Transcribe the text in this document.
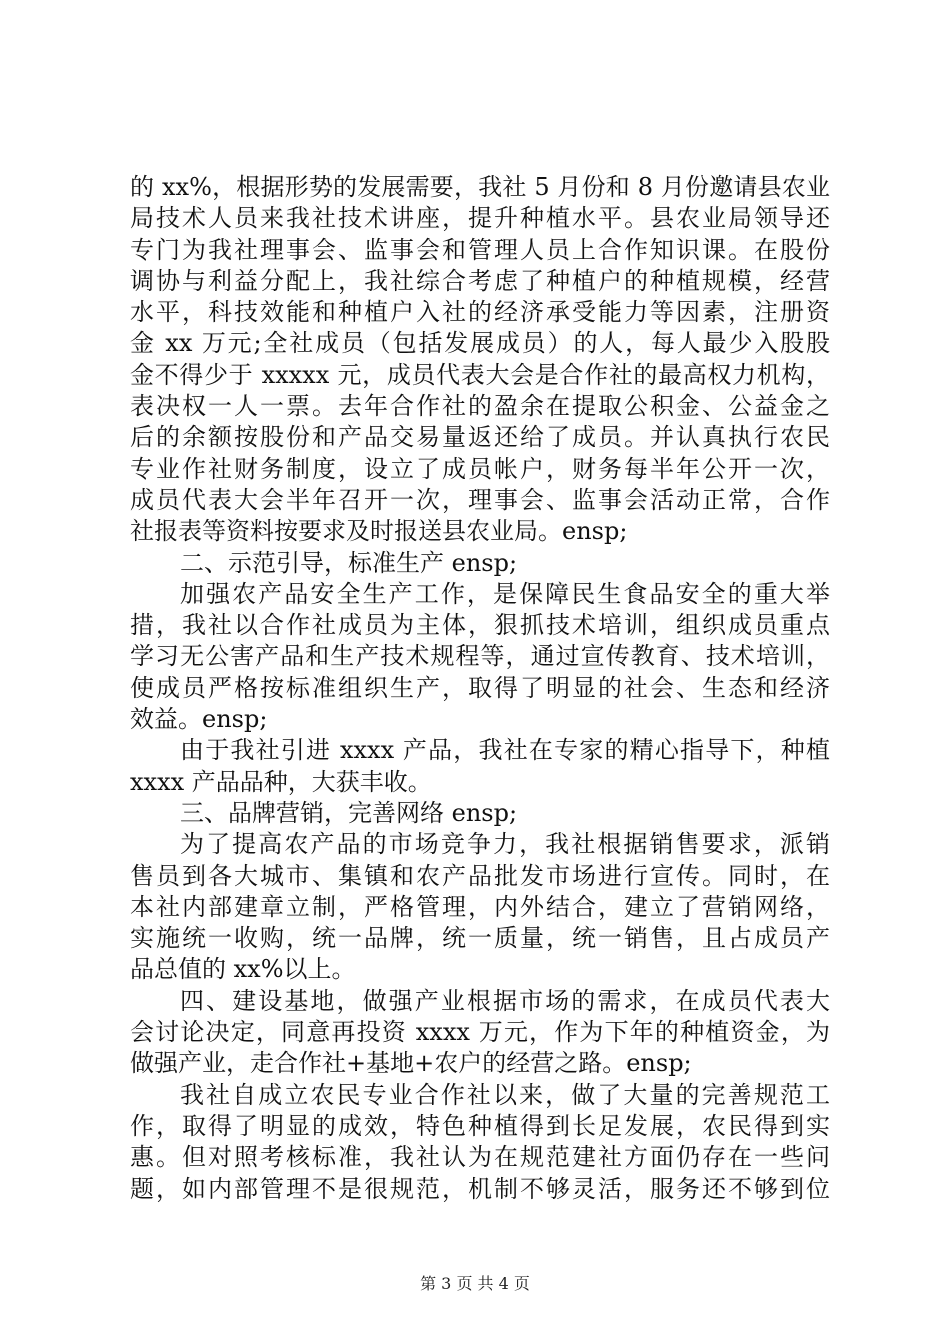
的 xx%，根据形势的发展需要，我社 5 月份和 8 月份邀请县农业
局技术人员来我社技术讲座，提升种植水平。县农业局领导还
专门为我社理事会、监事会和管理人员上合作知识课。在股份
调协与利益分配上，我社综合考虑了种植户的种植规模，经营
水平，科技效能和种植户入社的经济承受能力等因素，注册资
金 xx 万元;全社成员（包括发展成员）的人，每人最少入股股
金不得少于 xxxxx 元，成员代表大会是合作社的最高权力机构，
表决权一人一票。去年合作社的盈余在提取公积金、公益金之
后的余额按股份和产品交易量返还给了成员。并认真执行农民
专业作社财务制度，设立了成员帐户，财务每半年公开一次，
成员代表大会半年召开一次，理事会、监事会活动正常，合作
社报表等资料按要求及时报送县农业局。ensp;
二、示范引导，标准生产 ensp;
加强农产品安全生产工作，是保障民生食品安全的重大举
措，我社以合作社成员为主体，狠抓技术培训，组织成员重点
学习无公害产品和生产技术规程等，通过宣传教育、技术培训，
使成员严格按标准组织生产，取得了明显的社会、生态和经济
效益。ensp;
由于我社引进 xxxx 产品，我社在专家的精心指导下，种植
xxxx 产品品种，大获丰收。
三、品牌营销，完善网络 ensp;
为了提高农产品的市场竞争力，我社根据销售要求，派销
售员到各大城市、集镇和农产品批发市场进行宣传。同时，在
本社内部建章立制，严格管理，内外结合，建立了营销网络，
实施统一收购，统一品牌，统一质量，统一销售，且占成员产
品总值的 xx%以上。
四、建设基地，做强产业根据市场的需求，在成员代表大
会讨论决定，同意再投资 xxxx 万元，作为下年的种植资金，为
做强产业，走合作社+基地+农户的经营之路。ensp;
我社自成立农民专业合作社以来，做了大量的完善规范工
作，取得了明显的成效，特色种植得到长足发展，农民得到实
惠。但对照考核标准，我社认为在规范建社方面仍存在一些问
题，如内部管理不是很规范，机制不够灵活，服务还不够到位
第 3 页 共 4 页
